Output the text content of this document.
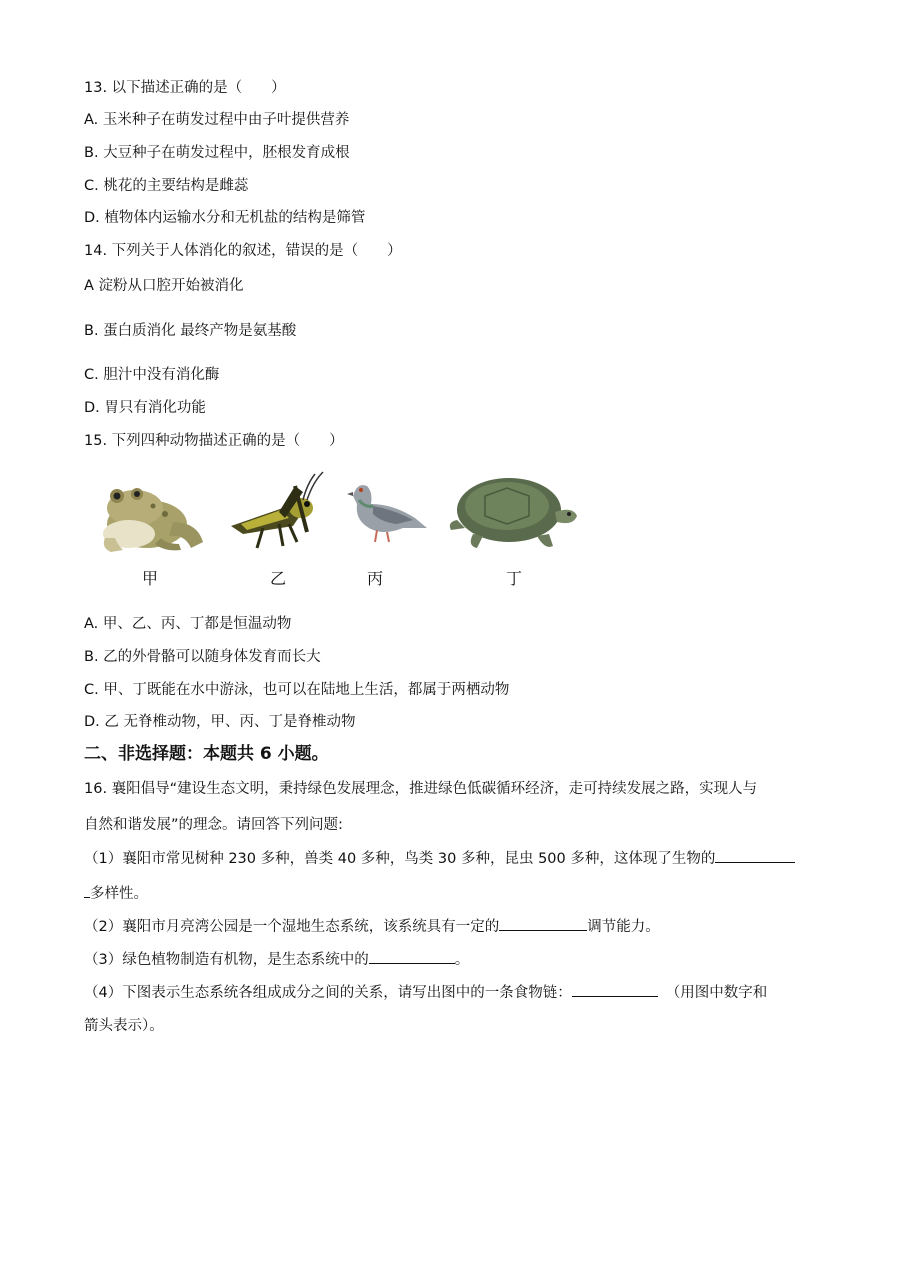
13. 以下描述正确的是（　　）
A. 玉米种子在萌发过程中由子叶提供营养
B. 大豆种子在萌发过程中，胚根发育成根
C. 桃花的主要结构是雌蕊
D. 植物体内运输水分和无机盐的结构是筛管
14. 下列关于人体消化的叙述，错误的是（　　）
A 淀粉从口腔开始被消化
B. 蛋白质消化 最终产物是氨基酸
C. 胆汁中没有消化酶
D. 胃只有消化功能
15. 下列四种动物描述正确的是（　　）
甲	乙	丙	丁
A. 甲、乙、丙、丁都是恒温动物
B. 乙的外骨骼可以随身体发育而长大
C. 甲、丁既能在水中游泳，也可以在陆地上生活，都属于两栖动物
D. 乙 无脊椎动物，甲、丙、丁是脊椎动物
二、非选择题：本题共 6 小题。
16. 襄阳倡导“建设生态文明，秉持绿色发展理念，推进绿色低碳循环经济，走可持续发展之路，实现人与
自然和谐发展”的理念。请回答下列问题:
（1）襄阳市常见树种 230 多种，兽类 40 多种，鸟类 30 多种，昆虫 500 多种，这体现了生物的
多样性。
（2）襄阳市月亮湾公园是一个湿地生态系统，该系统具有一定的	调节能力。
（3）绿色植物制造有机物，是生态系统中的	。
（4）下图表示生态系统各组成成分之间的关系，请写出图中的一条食物链：	（用图中数字和
箭头表示）。
